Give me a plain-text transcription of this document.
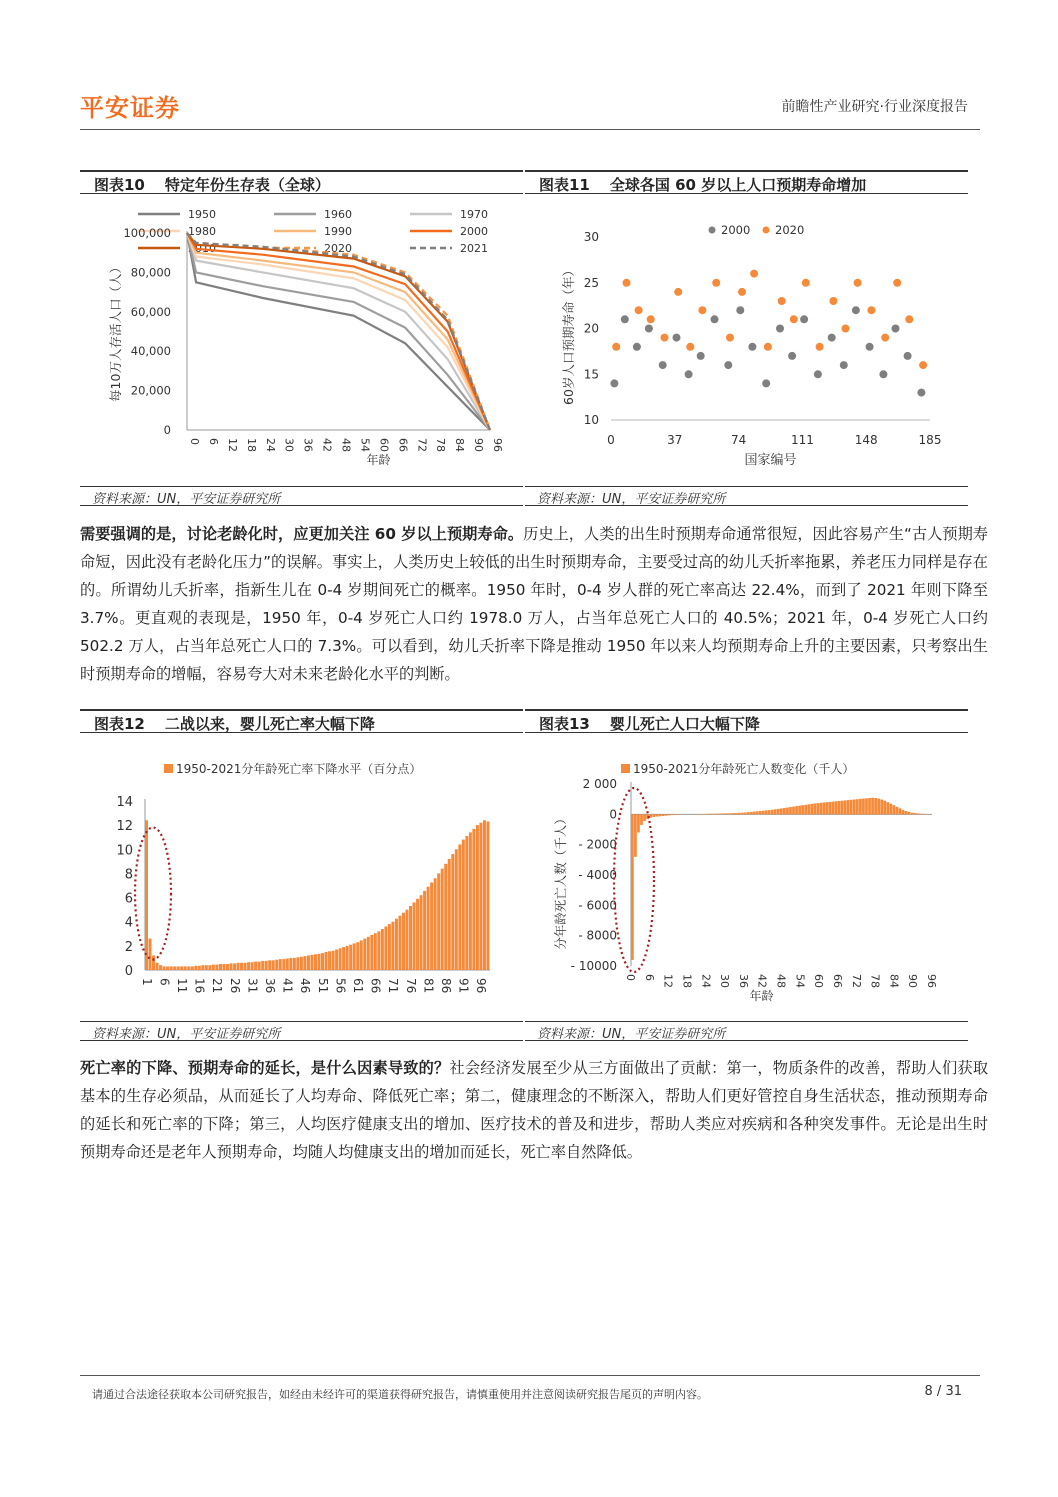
平安证券	前瞻性产业研究·行业深度报告
图表10 特定年份生存表（全球）
1950	1960	1970
1980	1990	2000
2010	2020	2021
100,000
80,000
60,000
40,000
20,000
0
0 6 12 18 24 30 36 42 48 54 60 66 72 78 84 90 96
年龄
每10万人存活人口（人）
资料来源：UN，平安证券研究所
图表11 全球各国 60 岁以上人口预期寿命增加
2000 2020
30
25
20
15
10
0	37	74	111	148	185
国家编号
60岁人口预期寿命（年）
资料来源：UN，平安证券研究所
需要强调的是，讨论老龄化时，应更加关注 60 岁以上预期寿命。历史上，人类的出生时预期寿命通常很短，因此容易产生“古人预期寿命短，因此没有老龄化压力”的误解。事实上，人类历史上较低的出生时预期寿命，主要受过高的幼儿夭折率拖累，养老压力同样是存在的。所谓幼儿夭折率，指新生儿在 0-4 岁期间死亡的概率。1950 年时，0-4 岁人群的死亡率高达 22.4%，而到了 2021 年则下降至 3.7%。更直观的表现是，1950 年，0-4 岁死亡人口约 1978.0 万人，占当年总死亡人口的 40.5%；2021 年，0-4 岁死亡人口约 502.2 万人，占当年总死亡人口的 7.3%。可以看到，幼儿夭折率下降是推动 1950 年以来人均预期寿命上升的主要因素，只考察出生时预期寿命的增幅，容易夸大对未来老龄化水平的判断。
图表12 二战以来，婴儿死亡率大幅下降
1950-2021分年龄死亡率下降水平（百分点）
14
12
10
8
6
4
2
0
1 6 11 16 21 26 31 36 41 46 51 56 61 66 71 76 81 86 91 96
资料来源：UN，平安证券研究所
图表13 婴儿死亡人口大幅下降
1950-2021分年龄死亡人数变化（千人）
2 000
0
- 2000
- 4000
- 6000
- 8000
- 10000
0 6 12 18 24 30 36 42 48 54 60 66 72 78 84 90 96
年龄
分年龄死亡人数（千人）
资料来源：UN，平安证券研究所
死亡率的下降、预期寿命的延长，是什么因素导致的？社会经济发展至少从三方面做出了贡献：第一，物质条件的改善，帮助人们获取基本的生存必须品，从而延长了人均寿命、降低死亡率；第二，健康理念的不断深入，帮助人们更好管控自身生活状态，推动预期寿命的延长和死亡率的下降；第三，人均医疗健康支出的增加、医疗技术的普及和进步，帮助人类应对疾病和各种突发事件。无论是出生时预期寿命还是老年人预期寿命，均随人均健康支出的增加而延长，死亡率自然降低。
请通过合法途径获取本公司研究报告，如经由未经许可的渠道获得研究报告，请慎重使用并注意阅读研究报告尾页的声明内容。	8 / 31
